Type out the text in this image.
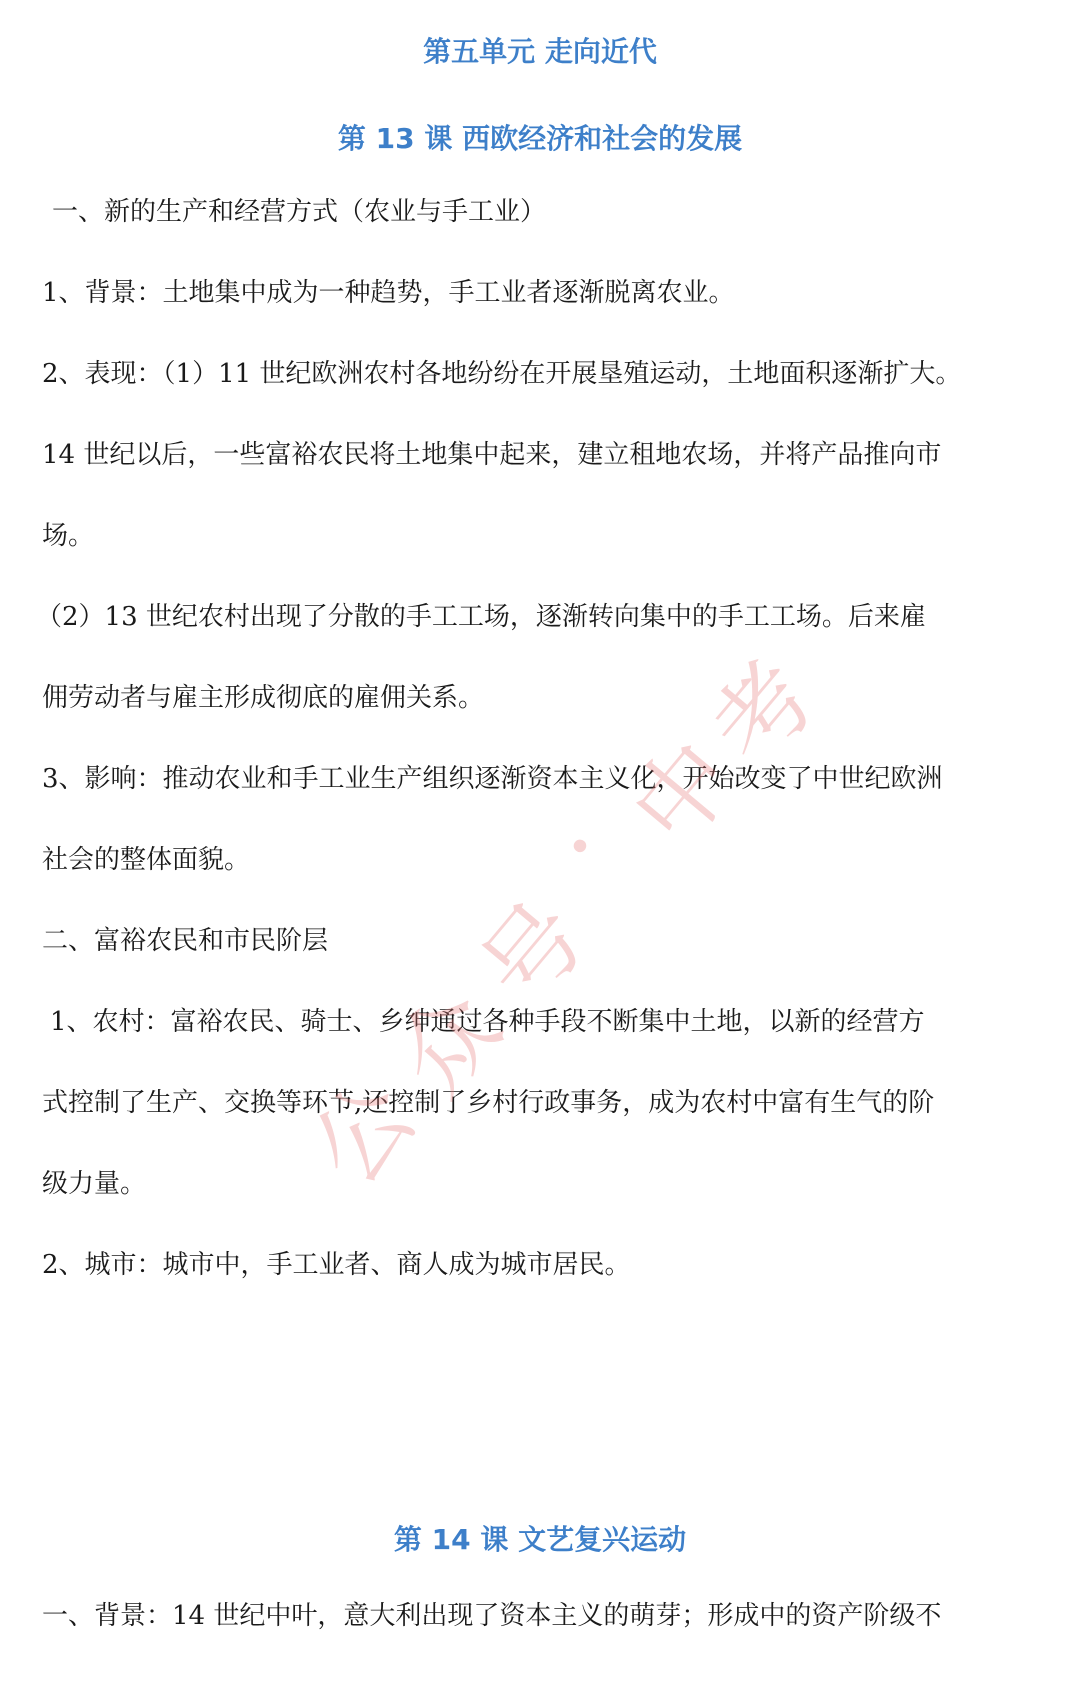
第五单元 走向近代
第 13 课 西欧经济和社会的发展
一、新的生产和经营方式（农业与手工业）
1、背景：土地集中成为一种趋势，手工业者逐渐脱离农业。
2、表现：（1）11 世纪欧洲农村各地纷纷在开展垦殖运动，土地面积逐渐扩大。
14 世纪以后，一些富裕农民将土地集中起来，建立租地农场，并将产品推向市
场。
（2）13 世纪农村出现了分散的手工工场，逐渐转向集中的手工工场。后来雇
佣劳动者与雇主形成彻底的雇佣关系。
3、影响：推动农业和手工业生产组织逐渐资本主义化，开始改变了中世纪欧洲
社会的整体面貌。
二、富裕农民和市民阶层
1、农村：富裕农民、骑士、乡绅通过各种手段不断集中土地，以新的经营方
式控制了生产、交换等环节,还控制了乡村行政事务，成为农村中富有生气的阶
级力量。
2、城市：城市中，手工业者、商人成为城市居民。
第 14 课 文艺复兴运动
一、背景：14 世纪中叶，意大利出现了资本主义的萌芽；形成中的资产阶级不
公
众
号
·
中
考
